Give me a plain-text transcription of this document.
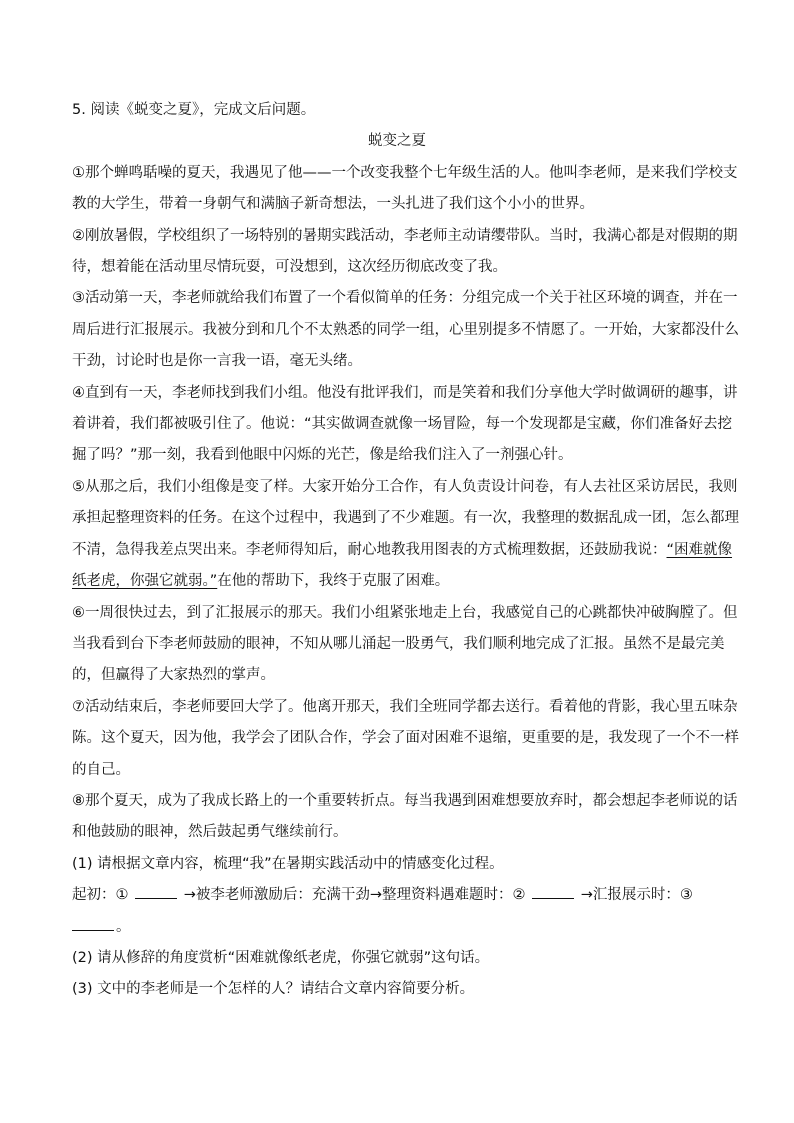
5. 阅读《蜕变之夏》，完成文后问题。
蜕变之夏
①那个蝉鸣聒噪的夏天，我遇见了他——一个改变我整个七年级生活的人。他叫李老师，是来我们学校支
教的大学生，带着一身朝气和满脑子新奇想法，一头扎进了我们这个小小的世界。
②刚放暑假，学校组织了一场特别的暑期实践活动，李老师主动请缨带队。当时，我满心都是对假期的期
待，想着能在活动里尽情玩耍，可没想到，这次经历彻底改变了我。
③活动第一天，李老师就给我们布置了一个看似简单的任务：分组完成一个关于社区环境的调查，并在一
周后进行汇报展示。我被分到和几个不太熟悉的同学一组，心里别提多不情愿了。一开始，大家都没什么
干劲，讨论时也是你一言我一语，毫无头绪。
④直到有一天，李老师找到我们小组。他没有批评我们，而是笑着和我们分享他大学时做调研的趣事，讲
着讲着，我们都被吸引住了。他说：“其实做调查就像一场冒险，每一个发现都是宝藏，你们准备好去挖
掘了吗？”那一刻，我看到他眼中闪烁的光芒，像是给我们注入了一剂强心针。
⑤从那之后，我们小组像是变了样。大家开始分工合作，有人负责设计问卷，有人去社区采访居民，我则
承担起整理资料的任务。在这个过程中，我遇到了不少难题。有一次，我整理的数据乱成一团，怎么都理
不清，急得我差点哭出来。李老师得知后，耐心地教我用图表的方式梳理数据，还鼓励我说：“困难就像
纸老虎，你强它就弱。”在他的帮助下，我终于克服了困难。
⑥一周很快过去，到了汇报展示的那天。我们小组紧张地走上台，我感觉自己的心跳都快冲破胸膛了。但
当我看到台下李老师鼓励的眼神，不知从哪儿涌起一股勇气，我们顺利地完成了汇报。虽然不是最完美
的，但赢得了大家热烈的掌声。
⑦活动结束后，李老师要回大学了。他离开那天，我们全班同学都去送行。看着他的背影，我心里五味杂
陈。这个夏天，因为他，我学会了团队合作，学会了面对困难不退缩，更重要的是，我发现了一个不一样
的自己。
⑧那个夏天，成为了我成长路上的一个重要转折点。每当我遇到困难想要放弃时，都会想起李老师说的话
和他鼓励的眼神，然后鼓起勇气继续前行。
(1) 请根据文章内容，梳理“我”在暑期实践活动中的情感变化过程。
起初：①	→被李老师激励后：充满干劲→整理资料遇难题时：②	→汇报展示时：③
。
(2) 请从修辞的角度赏析“困难就像纸老虎，你强它就弱”这句话。
(3) 文中的李老师是一个怎样的人？请结合文章内容简要分析。
